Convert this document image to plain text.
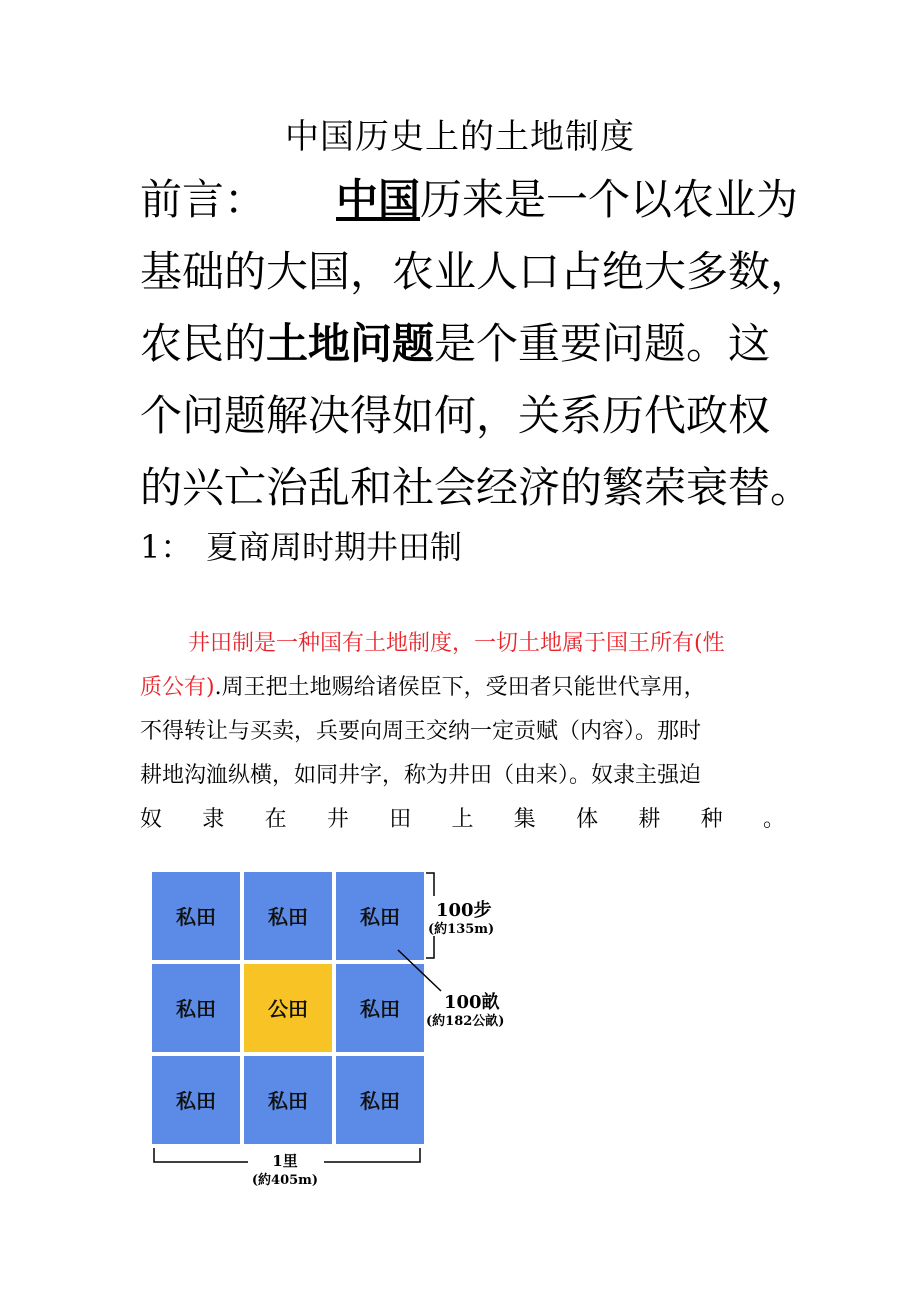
中国历史上的土地制度
前言： 中国历来是一个以农业为
基础的大国，农业人口占绝大多数，
农民的土地问题是个重要问题。这
个问题解决得如何，关系历代政权
的兴亡治乱和社会经济的繁荣衰替。
1： 夏商周时期井田制
井田制是一种国有土地制度，一切土地属于国王所有(性
质公有).周王把土地赐给诸侯臣下，受田者只能世代享用，
不得转让与买卖，兵要向周王交纳一定贡赋（内容）。那时
耕地沟洫纵横，如同井字，称为井田（由来）。奴隶主强迫
奴 隶 在 井 田 上 集 体 耕 种 。
私田	私田	私田
私田	公田	私田
私田	私田	私田
100步
(約135m)
100畝
(約182公畝)
1里
(約405m)
